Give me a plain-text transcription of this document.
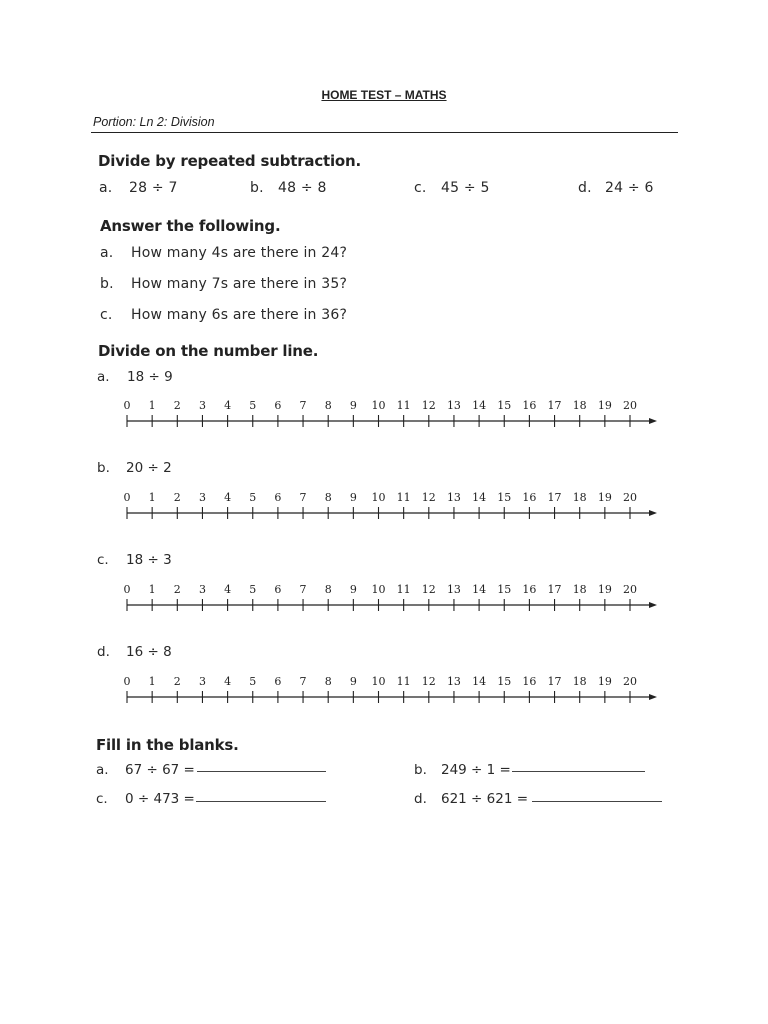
HOME TEST – MATHS
Portion: Ln 2: Division
Divide by repeated subtraction.
a. 28 ÷ 7	b. 48 ÷ 8	c. 45 ÷ 5	d. 24 ÷ 6
Answer the following.
a. How many 4s are there in 24?
b. How many 7s are there in 35?
c. How many 6s are there in 36?
Divide on the number line.
a. 18 ÷ 9
0 1 2 3 4 5 6 7 8 9 10 11 12 13 14 15 16 17 18 19 20
b. 20 ÷ 2
0 1 2 3 4 5 6 7 8 9 10 11 12 13 14 15 16 17 18 19 20
c. 18 ÷ 3
0 1 2 3 4 5 6 7 8 9 10 11 12 13 14 15 16 17 18 19 20
d. 16 ÷ 8
0 1 2 3 4 5 6 7 8 9 10 11 12 13 14 15 16 17 18 19 20
Fill in the blanks.
a. 67 ÷ 67 =	b. 249 ÷ 1 =
c. 0 ÷ 473 =	d. 621 ÷ 621 =
